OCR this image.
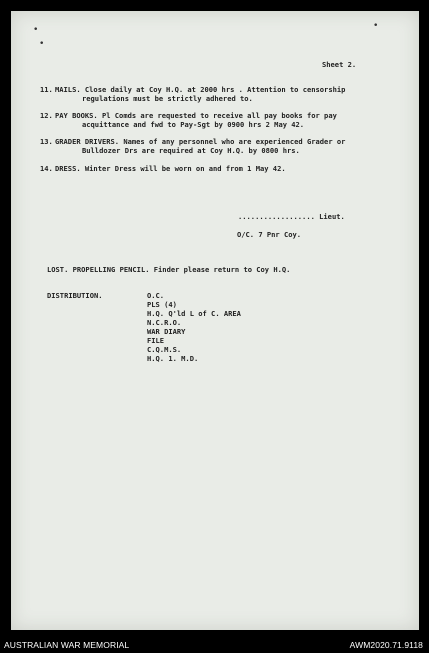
•
•
•
Sheet 2.
11. MAILS. Close daily at Coy H.Q. at 2000 hrs . Attention to censorship
regulations must be strictly adhered to.
12. PAY BOOKS. Pl Comds are requested to receive all pay books for pay
acquittance and fwd to Pay-Sgt by 0900 hrs 2 May 42.
13. GRADER DRIVERS. Names of any personnel who are experienced Grader or
Bulldozer Drs are required at Coy H.Q. by 0800 hrs.
14. DRESS. Winter Dress will be worn on and from 1 May 42.
.................. Lieut.
O/C. 7 Pnr Coy.
LOST. PROPELLING PENCIL. Finder please return to Coy H.Q.
DISTRIBUTION.	O.C.
PLS (4)
H.Q. Q'ld L of C. AREA
N.C.R.O.
WAR DIARY
FILE
C.Q.M.S.
H.Q. 1. M.D.
AUSTRALIAN WAR MEMORIAL	AWM2020.71.9118
